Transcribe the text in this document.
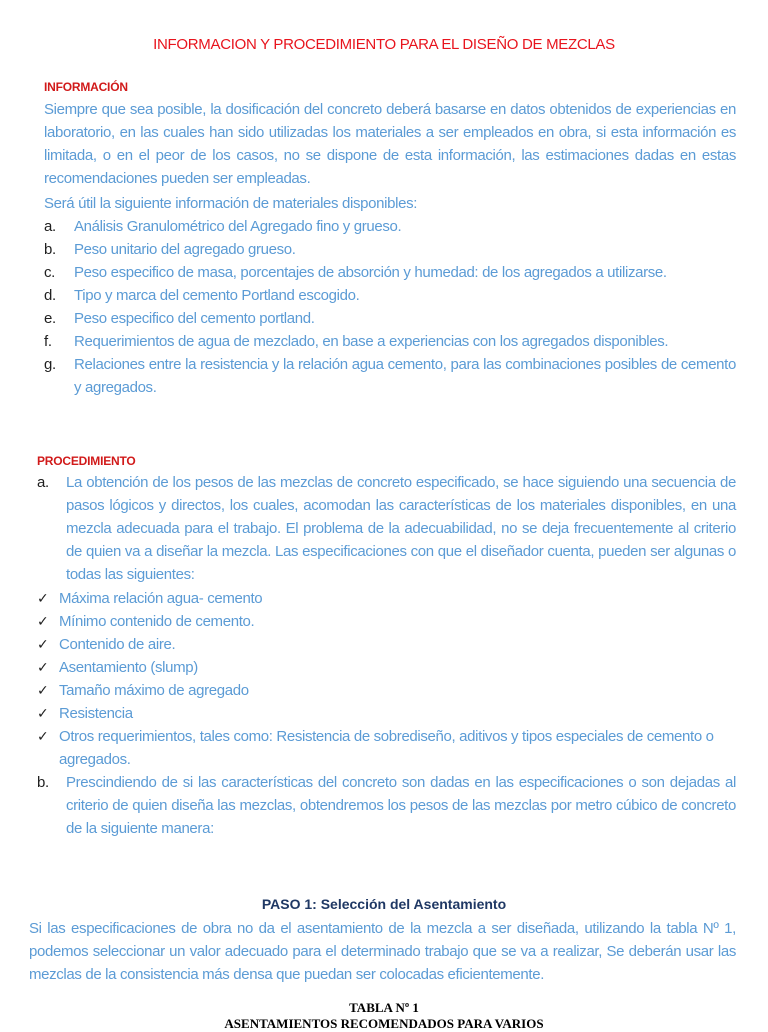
INFORMACION Y PROCEDIMIENTO PARA EL DISEÑO DE MEZCLAS
INFORMACIÓN
Siempre que sea posible, la dosificación del concreto deberá basarse en datos obtenidos de experiencias en laboratorio, en las cuales han sido utilizadas los materiales a ser empleados en obra, si esta información es limitada, o en el peor de los casos, no se dispone de esta información, las estimaciones dadas en estas recomendaciones pueden ser empleadas.
Será útil la siguiente información de materiales disponibles:
a. Análisis Granulométrico del Agregado fino y grueso.
b. Peso unitario del agregado grueso.
c. Peso especifico de masa, porcentajes de absorción y humedad: de los agregados a utilizarse.
d. Tipo y marca del cemento Portland escogido.
e. Peso especifico del cemento portland.
f. Requerimientos de agua de mezclado, en base a experiencias con los agregados disponibles.
g. Relaciones entre la resistencia y la relación agua cemento, para las combinaciones posibles de cemento y agregados.
PROCEDIMIENTO
a. La obtención de los pesos de las mezclas de concreto especificado, se hace siguiendo una secuencia de pasos lógicos y directos, los cuales, acomodan las características de los materiales disponibles, en una mezcla adecuada para el trabajo. El problema de la adecuabilidad, no se deja frecuentemente al criterio de quien va a diseñar la mezcla. Las especificaciones con que el diseñador cuenta, pueden ser algunas o todas las siguientes:
✓ Máxima relación agua- cemento
✓ Mínimo contenido de cemento.
✓ Contenido de aire.
✓ Asentamiento (slump)
✓ Tamaño máximo de agregado
✓ Resistencia
✓ Otros requerimientos, tales como: Resistencia de sobrediseño, aditivos y tipos especiales de cemento o agregados.
b. Prescindiendo de si las características del concreto son dadas en las especificaciones o son dejadas al criterio de quien diseña las mezclas, obtendremos los pesos de las mezclas por metro cúbico de concreto de la siguiente manera:
PASO 1: Selección del Asentamiento
Si las especificaciones de obra no da el asentamiento de la mezcla a ser diseñada, utilizando la tabla Nº 1, podemos seleccionar un valor adecuado para el determinado trabajo que se va a realizar, Se deberán usar las mezclas de la consistencia más densa que puedan ser colocadas eficientemente.
TABLA Nº 1
ASENTAMIENTOS RECOMENDADOS PARA VARIOS
